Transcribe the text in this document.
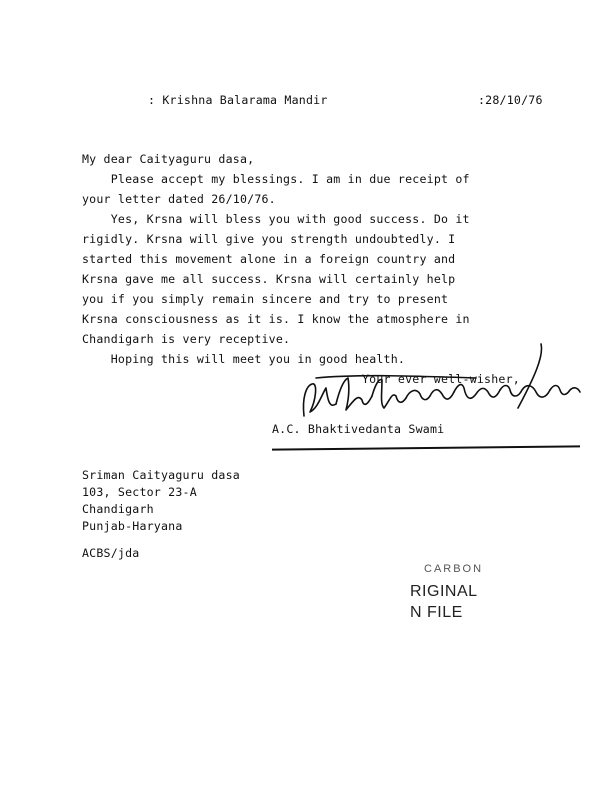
: Krishna Balarama Mandir	:28/10/76
My dear Caityaguru dasa,
Please accept my blessings. I am in due receipt of
your letter dated 26/10/76.
Yes, Krsna will bless you with good success. Do it
rigidly. Krsna will give you strength undoubtedly. I
started this movement alone in a foreign country and
Krsna gave me all success. Krsna will certainly help
you if you simply remain sincere and try to present
Krsna consciousness as it is. I know the atmosphere in
Chandigarh is very receptive.
Hoping this will meet you in good health.
Your ever well-wisher,
A.C. Bhaktivedanta Swami
Sriman Caityaguru dasa
103, Sector 23-A
Chandigarh
Punjab-Haryana
ACBS/jda
CARBON
RIGINAL
N FILE
